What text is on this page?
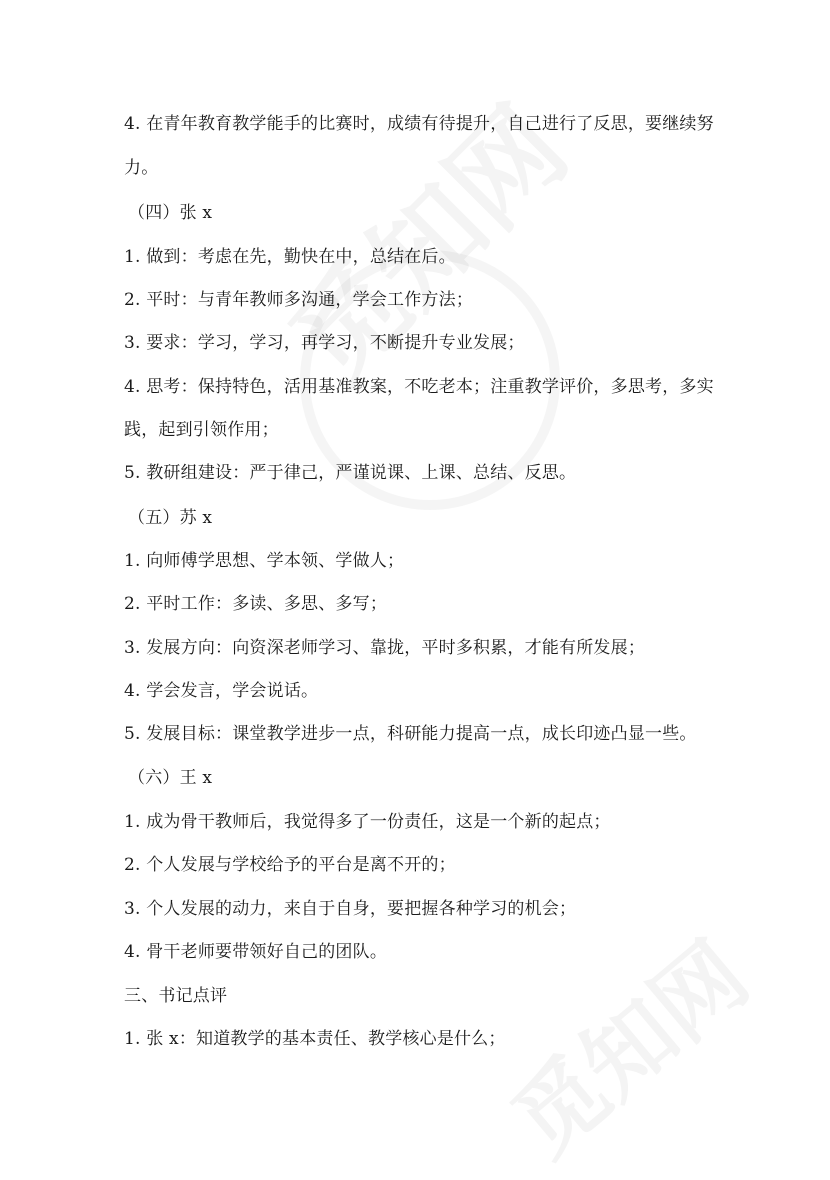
4. 在青年教育教学能手的比赛时，成绩有待提升，自己进行了反思，要继续努
力。
（四）张 x
1. 做到：考虑在先，勤快在中，总结在后。
2. 平时：与青年教师多沟通，学会工作方法；
3. 要求：学习，学习，再学习，不断提升专业发展；
4. 思考：保持特色，活用基准教案，不吃老本；注重教学评价，多思考，多实
践，起到引领作用；
5. 教研组建设：严于律己，严谨说课、上课、总结、反思。
（五）苏 x
1. 向师傅学思想、学本领、学做人；
2. 平时工作：多读、多思、多写；
3. 发展方向：向资深老师学习、靠拢，平时多积累，才能有所发展；
4. 学会发言，学会说话。
5. 发展目标：课堂教学进步一点，科研能力提高一点，成长印迹凸显一些。
（六）王 x
1. 成为骨干教师后，我觉得多了一份责任，这是一个新的起点；
2. 个人发展与学校给予的平台是离不开的；
3. 个人发展的动力，来自于自身，要把握各种学习的机会；
4. 骨干老师要带领好自己的团队。
三、书记点评
1. 张 x：知道教学的基本责任、教学核心是什么；
